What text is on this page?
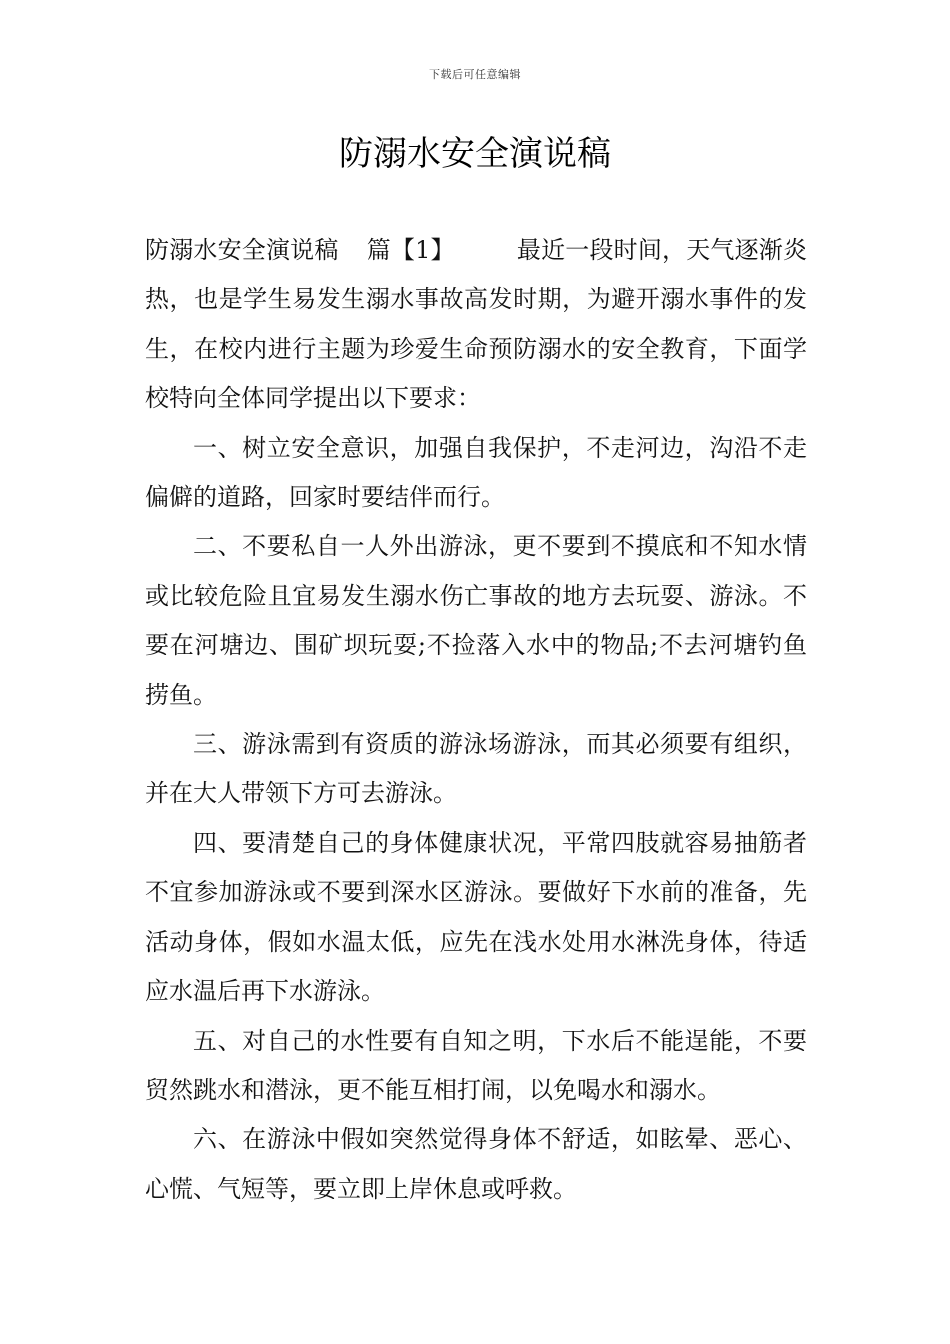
下载后可任意编辑
防溺水安全演说稿

防溺水安全演说稿 篇【1】	最近一段时间，天气逐渐炎热，也是学生易发生溺水事故高发时期，为避开溺水事件的发生，在校内进行主题为珍爱生命预防溺水的安全教育，下面学校特向全体同学提出以下要求：

一、树立安全意识，加强自我保护，不走河边，沟沿不走偏僻的道路，回家时要结伴而行。

二、不要私自一人外出游泳，更不要到不摸底和不知水情或比较危险且宜易发生溺水伤亡事故的地方去玩耍、游泳。不要在河塘边、围矿坝玩耍;不捡落入水中的物品;不去河塘钓鱼捞鱼。

三、游泳需到有资质的游泳场游泳，而其必须要有组织，并在大人带领下方可去游泳。

四、要清楚自己的身体健康状况，平常四肢就容易抽筋者不宜参加游泳或不要到深水区游泳。要做好下水前的准备，先活动身体，假如水温太低，应先在浅水处用水淋洗身体，待适应水温后再下水游泳。

五、对自己的水性要有自知之明，下水后不能逞能，不要贸然跳水和潜泳，更不能互相打闹，以免喝水和溺水。

六、在游泳中假如突然觉得身体不舒适，如眩晕、恶心、心慌、气短等，要立即上岸休息或呼救。
